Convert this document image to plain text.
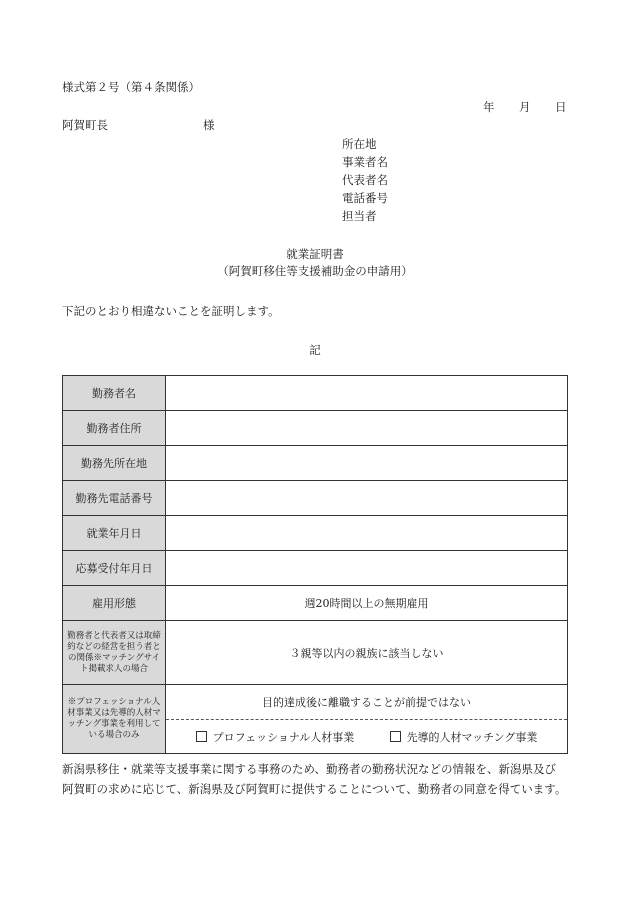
様式第２号（第４条関係）
年 月 日
阿賀町長	様
所在地
事業者名
代表者名
電話番号
担当者
就業証明書
（阿賀町移住等支援補助金の申請用）
下記のとおり相違ないことを証明します。
記
勤務者名	
勤務者住所	
勤務先所在地	
勤務先電話番号	
就業年月日	
応募受付年月日	
雇用形態	週20時間以上の無期雇用
勤務者と代表者又は取締約などの経営を担う者との関係※マッチングサイト掲載求人の場合	３親等以内の親族に該当しない
※プロフェッショナル人材事業又は先導的人材マッチング事業を利用している場合のみ	目的達成後に離職することが前提ではない
プロフェッショナル人材事業 先導的人材マッチング事業
新潟県移住・就業等支援事業に関する事務のため、勤務者の勤務状況などの情報を、新潟県及び
阿賀町の求めに応じて、新潟県及び阿賀町に提供することについて、勤務者の同意を得ています。
